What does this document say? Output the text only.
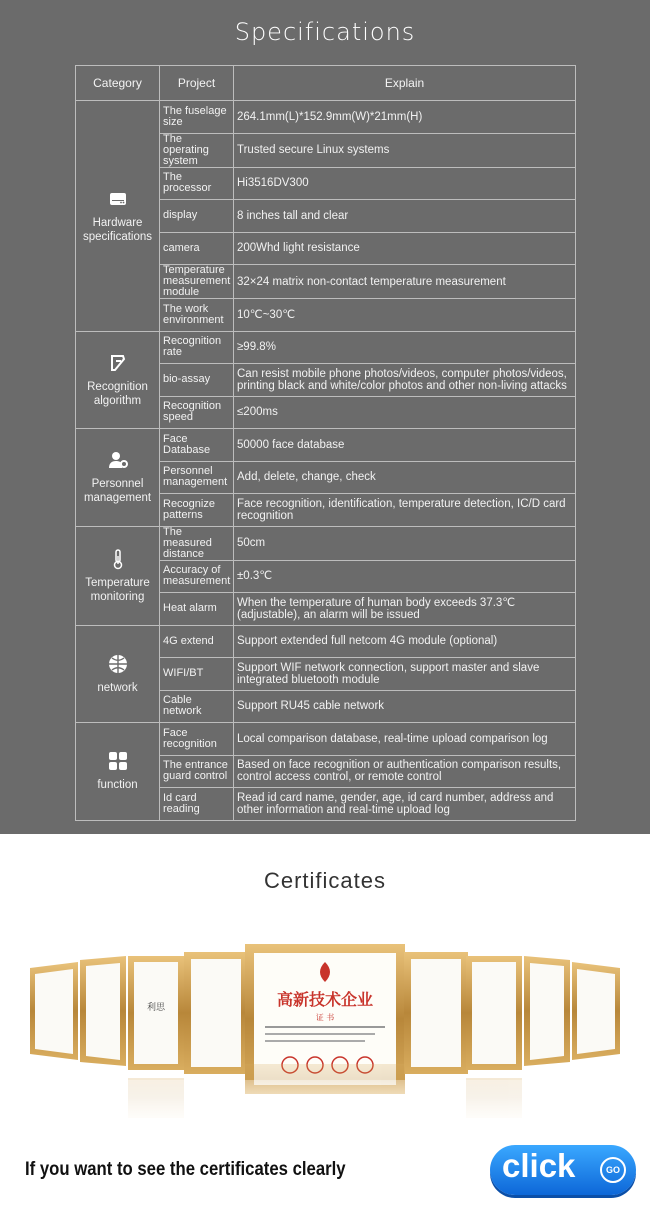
Specifications
Category	Project	Explain

Hardware specifications	The fuselage size	264.1mm(L)*152.9mm(W)*21mm(H)
	The operating system	Trusted secure Linux systems
	The processor	Hi3516DV300
	display	8 inches tall and clear
	camera	200Whd light resistance
	Temperature measurement module	32×24 matrix non-contact temperature measurement
	The work environment	10℃~30℃

Recognition algorithm	Recognition rate	≥99.8%
	bio-assay	Can resist mobile phone photos/videos, computer photos/videos, printing black and white/color photos and other non-living attacks
	Recognition speed	≤200ms

Personnel management	Face Database	50000 face database
	Personnel management	Add, delete, change, check
	Recognize patterns	Face recognition, identification, temperature detection, IC/D card recognition

Temperature monitoring	The measured distance	50cm
	Accuracy of measurement	±0.3℃
	Heat alarm	When the temperature of human body exceeds 37.3℃ (adjustable), an alarm will be issued

network	4G extend	Support extended full netcom 4G module (optional)
	WIFI/BT	Support WIF network connection, support master and slave integrated bluetooth module
	Cable network	Support RU45 cable network

function	Face recognition	Local comparison database, real-time upload comparison log
	The entrance guard control	Based on face recognition or authentication comparison results, control access control, or remote control
	Id card reading	Read id card name, gender, age, id card number, address and other information and real-time upload log
Certificates
利思	高新技术企业
证 书
If you want to see the certificates clearly	click	GO
